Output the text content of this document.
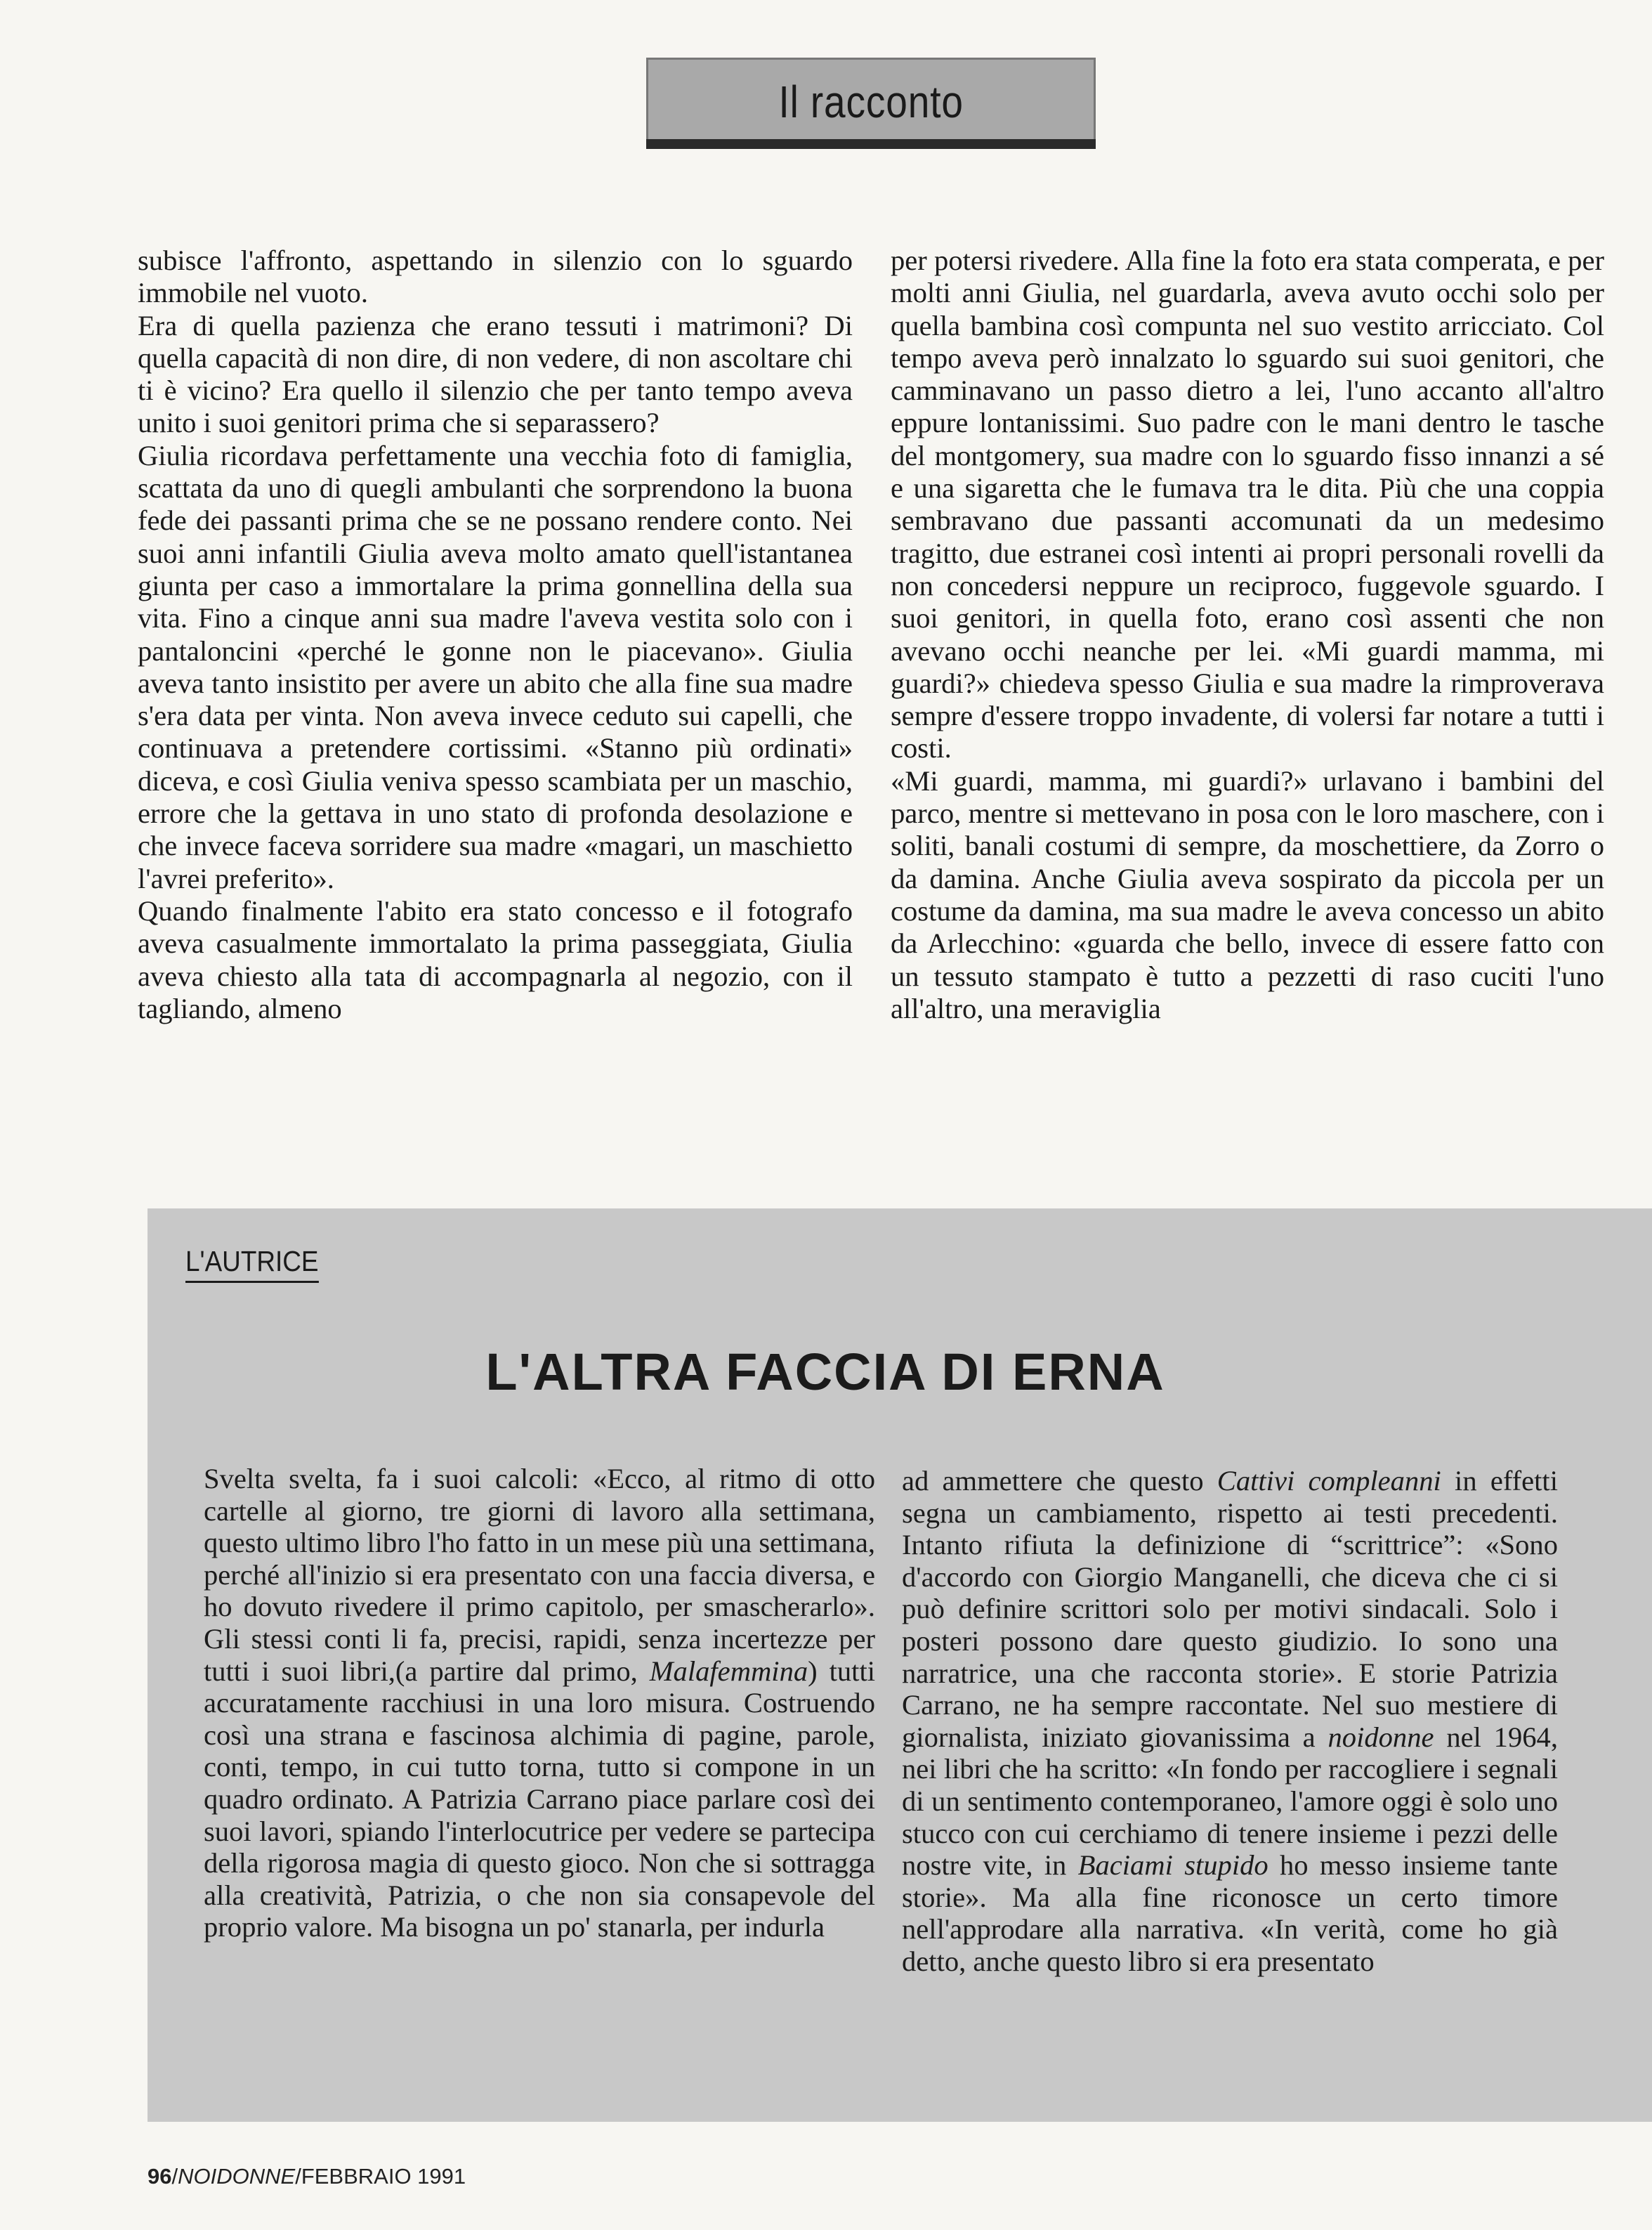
Il racconto

subisce l'affronto, aspettando in silenzio con lo sguardo immobile nel vuoto.

Era di quella pazienza che erano tessuti i matrimoni? Di quella capacità di non dire, di non vedere, di non ascoltare chi ti è vicino? Era quello il silenzio che per tanto tempo aveva unito i suoi genitori prima che si separassero?

Giulia ricordava perfettamente una vecchia foto di famiglia, scattata da uno di quegli ambulanti che sorprendono la buona fede dei passanti prima che se ne possano rendere conto. Nei suoi anni infantili Giulia aveva molto amato quell'istantanea giunta per caso a immortalare la prima gonnellina della sua vita. Fino a cinque anni sua madre l'aveva vestita solo con i pantaloncini «perché le gonne non le piacevano». Giulia aveva tanto insistito per avere un abito che alla fine sua madre s'era data per vinta. Non aveva invece ceduto sui capelli, che continuava a pretendere cortissimi. «Stanno più ordinati» diceva, e così Giulia veniva spesso scambiata per un maschio, errore che la gettava in uno stato di profonda desolazione e che invece faceva sorridere sua madre «magari, un maschietto l'avrei preferito».

Quando finalmente l'abito era stato concesso e il fotografo aveva casualmente immortalato la prima passeggiata, Giulia aveva chiesto alla tata di accompagnarla al negozio, con il tagliando, almeno

per potersi rivedere. Alla fine la foto era stata comperata, e per molti anni Giulia, nel guardarla, aveva avuto occhi solo per quella bambina così compunta nel suo vestito arricciato. Col tempo aveva però innalzato lo sguardo sui suoi genitori, che camminavano un passo dietro a lei, l'uno accanto all'altro eppure lontanissimi. Suo padre con le mani dentro le tasche del montgomery, sua madre con lo sguardo fisso innanzi a sé e una sigaretta che le fumava tra le dita. Più che una coppia sembravano due passanti accomunati da un medesimo tragitto, due estranei così intenti ai propri personali rovelli da non concedersi neppure un reciproco, fuggevole sguardo. I suoi genitori, in quella foto, erano così assenti che non avevano occhi neanche per lei. «Mi guardi mamma, mi guardi?» chiedeva spesso Giulia e sua madre la rimproverava sempre d'essere troppo invadente, di volersi far notare a tutti i costi.

«Mi guardi, mamma, mi guardi?» urlavano i bambini del parco, mentre si mettevano in posa con le loro maschere, con i soliti, banali costumi di sempre, da moschettiere, da Zorro o da damina. Anche Giulia aveva sospirato da piccola per un costume da damina, ma sua madre le aveva concesso un abito da Arlecchino: «guarda che bello, invece di essere fatto con un tessuto stampato è tutto a pezzetti di raso cuciti l'uno all'altro, una meraviglia

L'AUTRICE
L'ALTRA FACCIA DI ERNA

Svelta svelta, fa i suoi calcoli: «Ecco, al ritmo di otto cartelle al giorno, tre giorni di lavoro alla settimana, questo ultimo libro l'ho fatto in un mese più una settimana, perché all'inizio si era presentato con una faccia diversa, e ho dovuto rivedere il primo capitolo, per smascherarlo». Gli stessi conti li fa, precisi, rapidi, senza incertezze per tutti i suoi libri,(a partire dal primo, Malafemmina) tutti accuratamente racchiusi in una loro misura. Costruendo così una strana e fascinosa alchimia di pagine, parole, conti, tempo, in cui tutto torna, tutto si compone in un quadro ordinato. A Patrizia Carrano piace parlare così dei suoi lavori, spiando l'interlocutrice per vedere se partecipa della rigorosa magia di questo gioco. Non che si sottragga alla creatività, Patrizia, o che non sia consapevole del proprio valore. Ma bisogna un po' stanarla, per indurla

ad ammettere che questo Cattivi compleanni in effetti segna un cambiamento, rispetto ai testi precedenti. Intanto rifiuta la definizione di “scrittrice”: «Sono d'accordo con Giorgio Manganelli, che diceva che ci si può definire scrittori solo per motivi sindacali. Solo i posteri possono dare questo giudizio. Io sono una narratrice, una che racconta storie». E storie Patrizia Carrano, ne ha sempre raccontate. Nel suo mestiere di giornalista, iniziato giovanissima a noidonne nel 1964, nei libri che ha scritto: «In fondo per raccogliere i segnali di un sentimento contemporaneo, l'amore oggi è solo uno stucco con cui cerchiamo di tenere insieme i pezzi delle nostre vite, in Baciami stupido ho messo insieme tante storie». Ma alla fine riconosce un certo timore nell'approdare alla narrativa. «In verità, come ho già detto, anche questo libro si era presentato

96/NOIDONNE/FEBBRAIO 1991
